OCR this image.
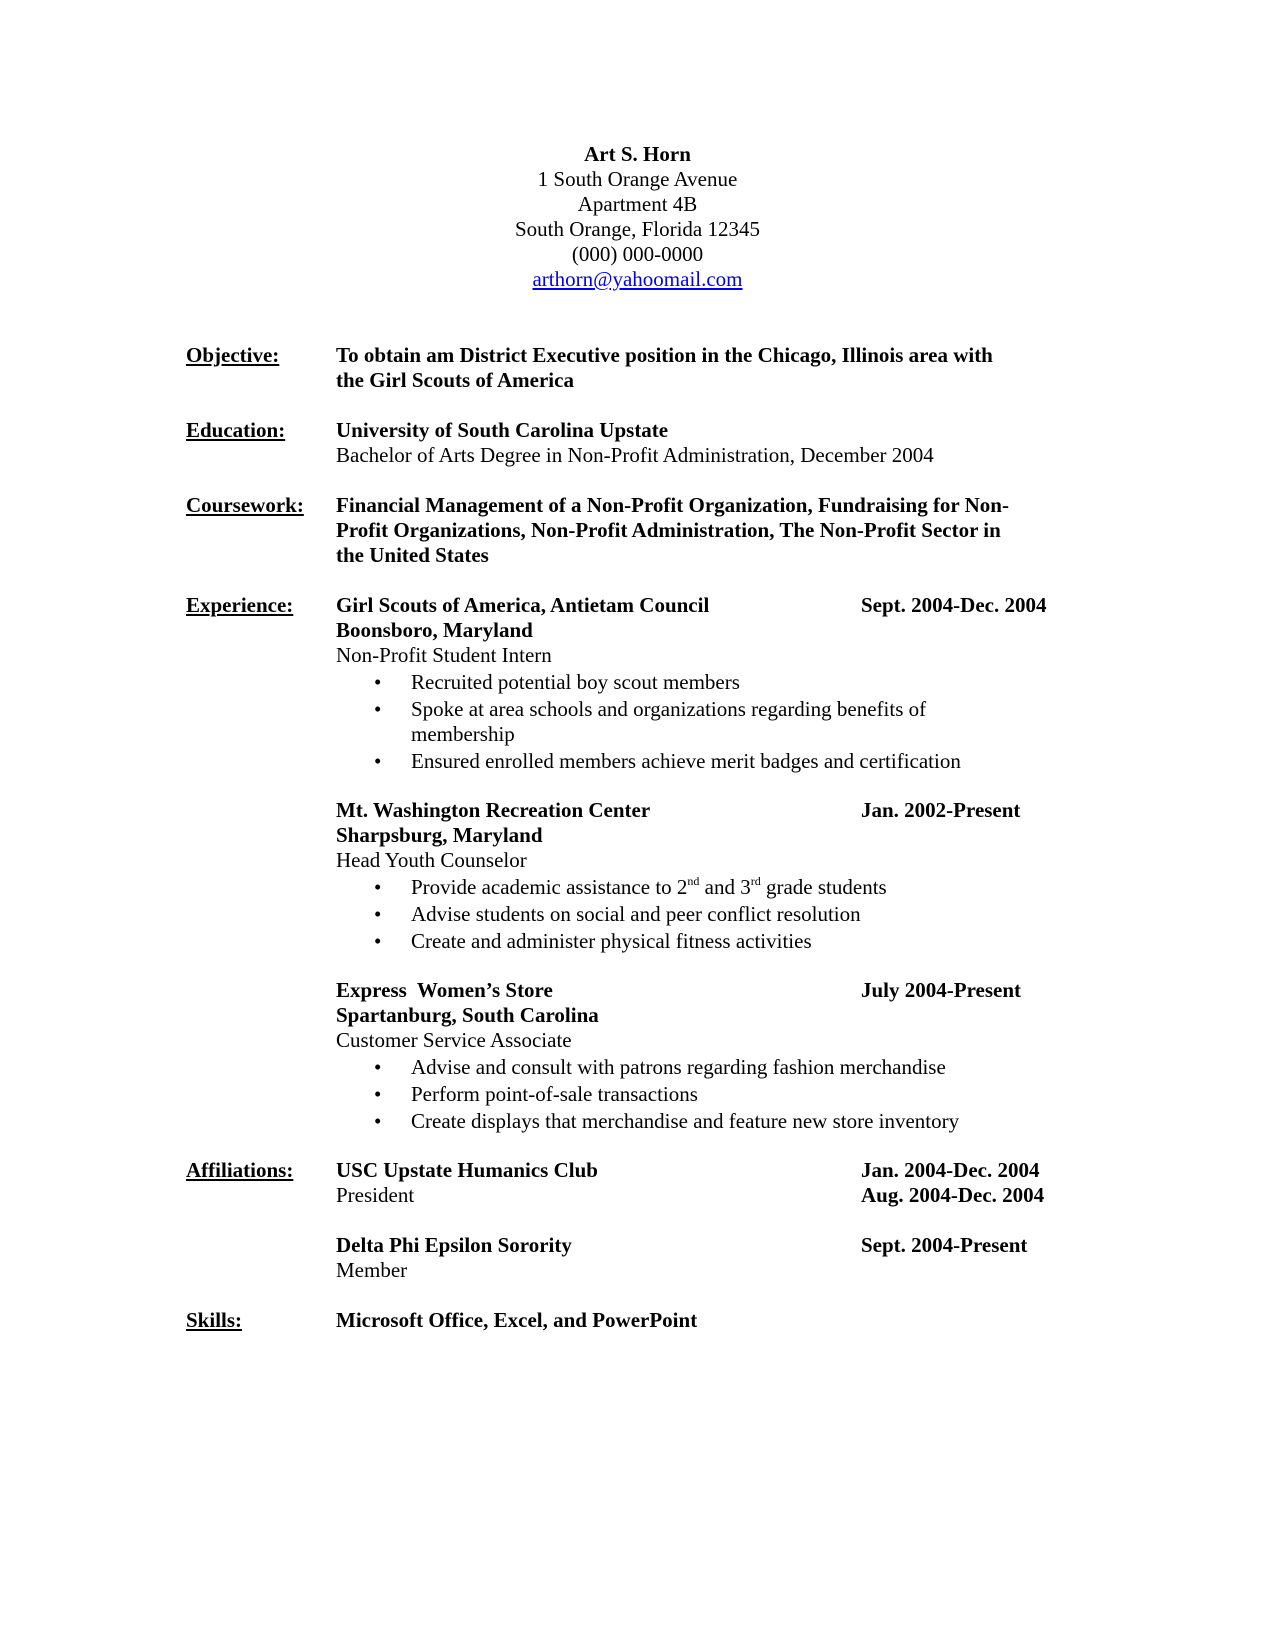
Art S. Horn
1 South Orange Avenue
Apartment 4B
South Orange, Florida 12345
(000) 000-0000
arthorn@yahoomail.com
Objective:	To obtain am District Executive position in the Chicago, Illinois area with
the Girl Scouts of America
Education: University of South Carolina Upstate
Bachelor of Arts Degree in Non-Profit Administration, December 2004
Coursework: Financial Management of a Non-Profit Organization, Fundraising for Non-
Profit Organizations, Non-Profit Administration, The Non-Profit Sector in
the United States
Experience: Girl Scouts of America, Antietam Council	Sept. 2004-Dec. 2004
Boonsboro, Maryland
Non-Profit Student Intern
• Recruited potential boy scout members
• Spoke at area schools and organizations regarding benefits of
membership
• Ensured enrolled members achieve merit badges and certification
Mt. Washington Recreation Center	Jan. 2002-Present
Sharpsburg, Maryland
Head Youth Counselor
• Provide academic assistance to 2nd and 3rd grade students
• Advise students on social and peer conflict resolution
• Create and administer physical fitness activities
Express  Women’s Store	July 2004-Present
Spartanburg, South Carolina
Customer Service Associate
• Advise and consult with patrons regarding fashion merchandise
• Perform point-of-sale transactions
• Create displays that merchandise and feature new store inventory
Affiliations: USC Upstate Humanics Club	Jan. 2004-Dec. 2004
President	Aug. 2004-Dec. 2004
Delta Phi Epsilon Sorority	Sept. 2004-Present
Member
Skills:	Microsoft Office, Excel, and PowerPoint
